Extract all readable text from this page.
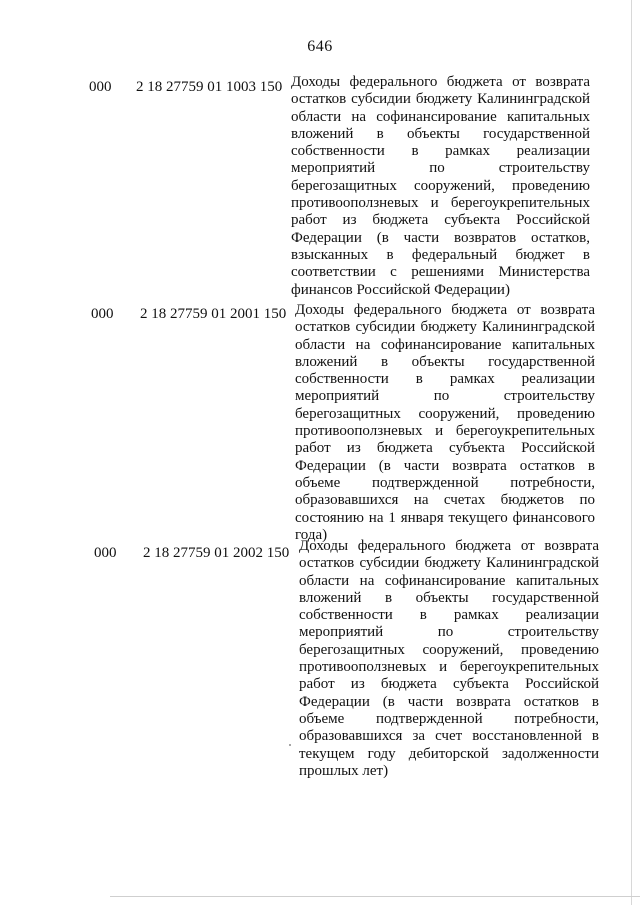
646
000 2 18 27759 01 1003 150 Доходы федерального бюджета от возврата остатков субсидии бюджету Калининградской области на софинансирование капитальных вложений в объекты государственной собственности в рамках реализации мероприятий по строительству берегозащитных сооружений, проведению противооползневых и берегоукрепительных работ из бюджета субъекта Российской Федерации (в части возвратов остатков, взысканных в федеральный бюджет в соответствии с решениями Министерства финансов Российской Федерации)
000 2 18 27759 01 2001 150 Доходы федерального бюджета от возврата остатков субсидии бюджету Калининградской области на софинансирование капитальных вложений в объекты государственной собственности в рамках реализации мероприятий по строительству берегозащитных сооружений, проведению противооползневых и берегоукрепительных работ из бюджета субъекта Российской Федерации (в части возврата остатков в объеме подтвержденной потребности, образовавшихся на счетах бюджетов по состоянию на 1 января текущего финансового года)
000 2 18 27759 01 2002 150 Доходы федерального бюджета от возврата остатков субсидии бюджету Калининградской области на софинансирование капитальных вложений в объекты государственной собственности в рамках реализации мероприятий по строительству берегозащитных сооружений, проведению противооползневых и берегоукрепительных работ из бюджета субъекта Российской Федерации (в части возврата остатков в объеме подтвержденной потребности, образовавшихся за счет восстановленной в текущем году дебиторской задолженности прошлых лет)
